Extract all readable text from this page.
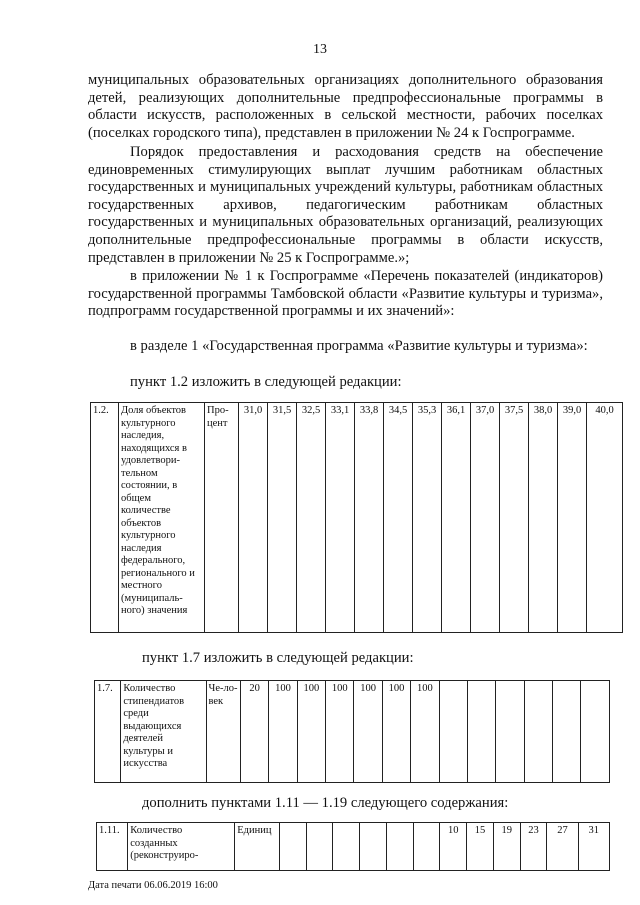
13
муниципальных образовательных организациях дополнительного образования детей, реализующих дополнительные предпрофессиональные программы в области искусств, расположенных в сельской местности, рабочих поселках (поселках городского типа), представлен в приложении № 24 к Госпрограмме.
Порядок предоставления и расходования средств на обеспечение единовременных стимулирующих выплат лучшим работникам областных государственных и муниципальных учреждений культуры, работникам областных государственных архивов, педагогическим работникам областных государственных и муниципальных образовательных организаций, реализующих дополнительные предпрофессиональные программы в области искусств, представлен в приложении № 25 к Госпрограмме.»;
в приложении № 1 к Госпрограмме «Перечень показателей (индикаторов) государственной программы Тамбовской области «Развитие культуры и туризма», подпрограмм государственной программы и их значений»:
в разделе 1 «Государственная программа «Развитие культуры и туризма»:
пункт 1.2 изложить в следующей редакции:
1.2.	Доля объектов культурного наследия, находящихся в удовлетвори-тельном состоянии, в общем количестве объектов культурного наследия федерального, регионального и местного (муниципаль-ного) значения	Про-цент	31,0	31,5	32,5	33,1	33,8	34,5	35,3	36,1	37,0	37,5	38,0	39,0	40,0
пункт 1.7 изложить в следующей редакции:
1.7.	Количество стипендиатов среди выдающихся деятелей культуры и искусства	Че-ло-век	20	100	100	100	100	100	100						
дополнить пунктами 1.11 — 1.19 следующего содержания:
1.11.	Количество созданных (реконструиро-	Единиц							10	15	19	23	27	31
Дата печати 06.06.2019 16:00
